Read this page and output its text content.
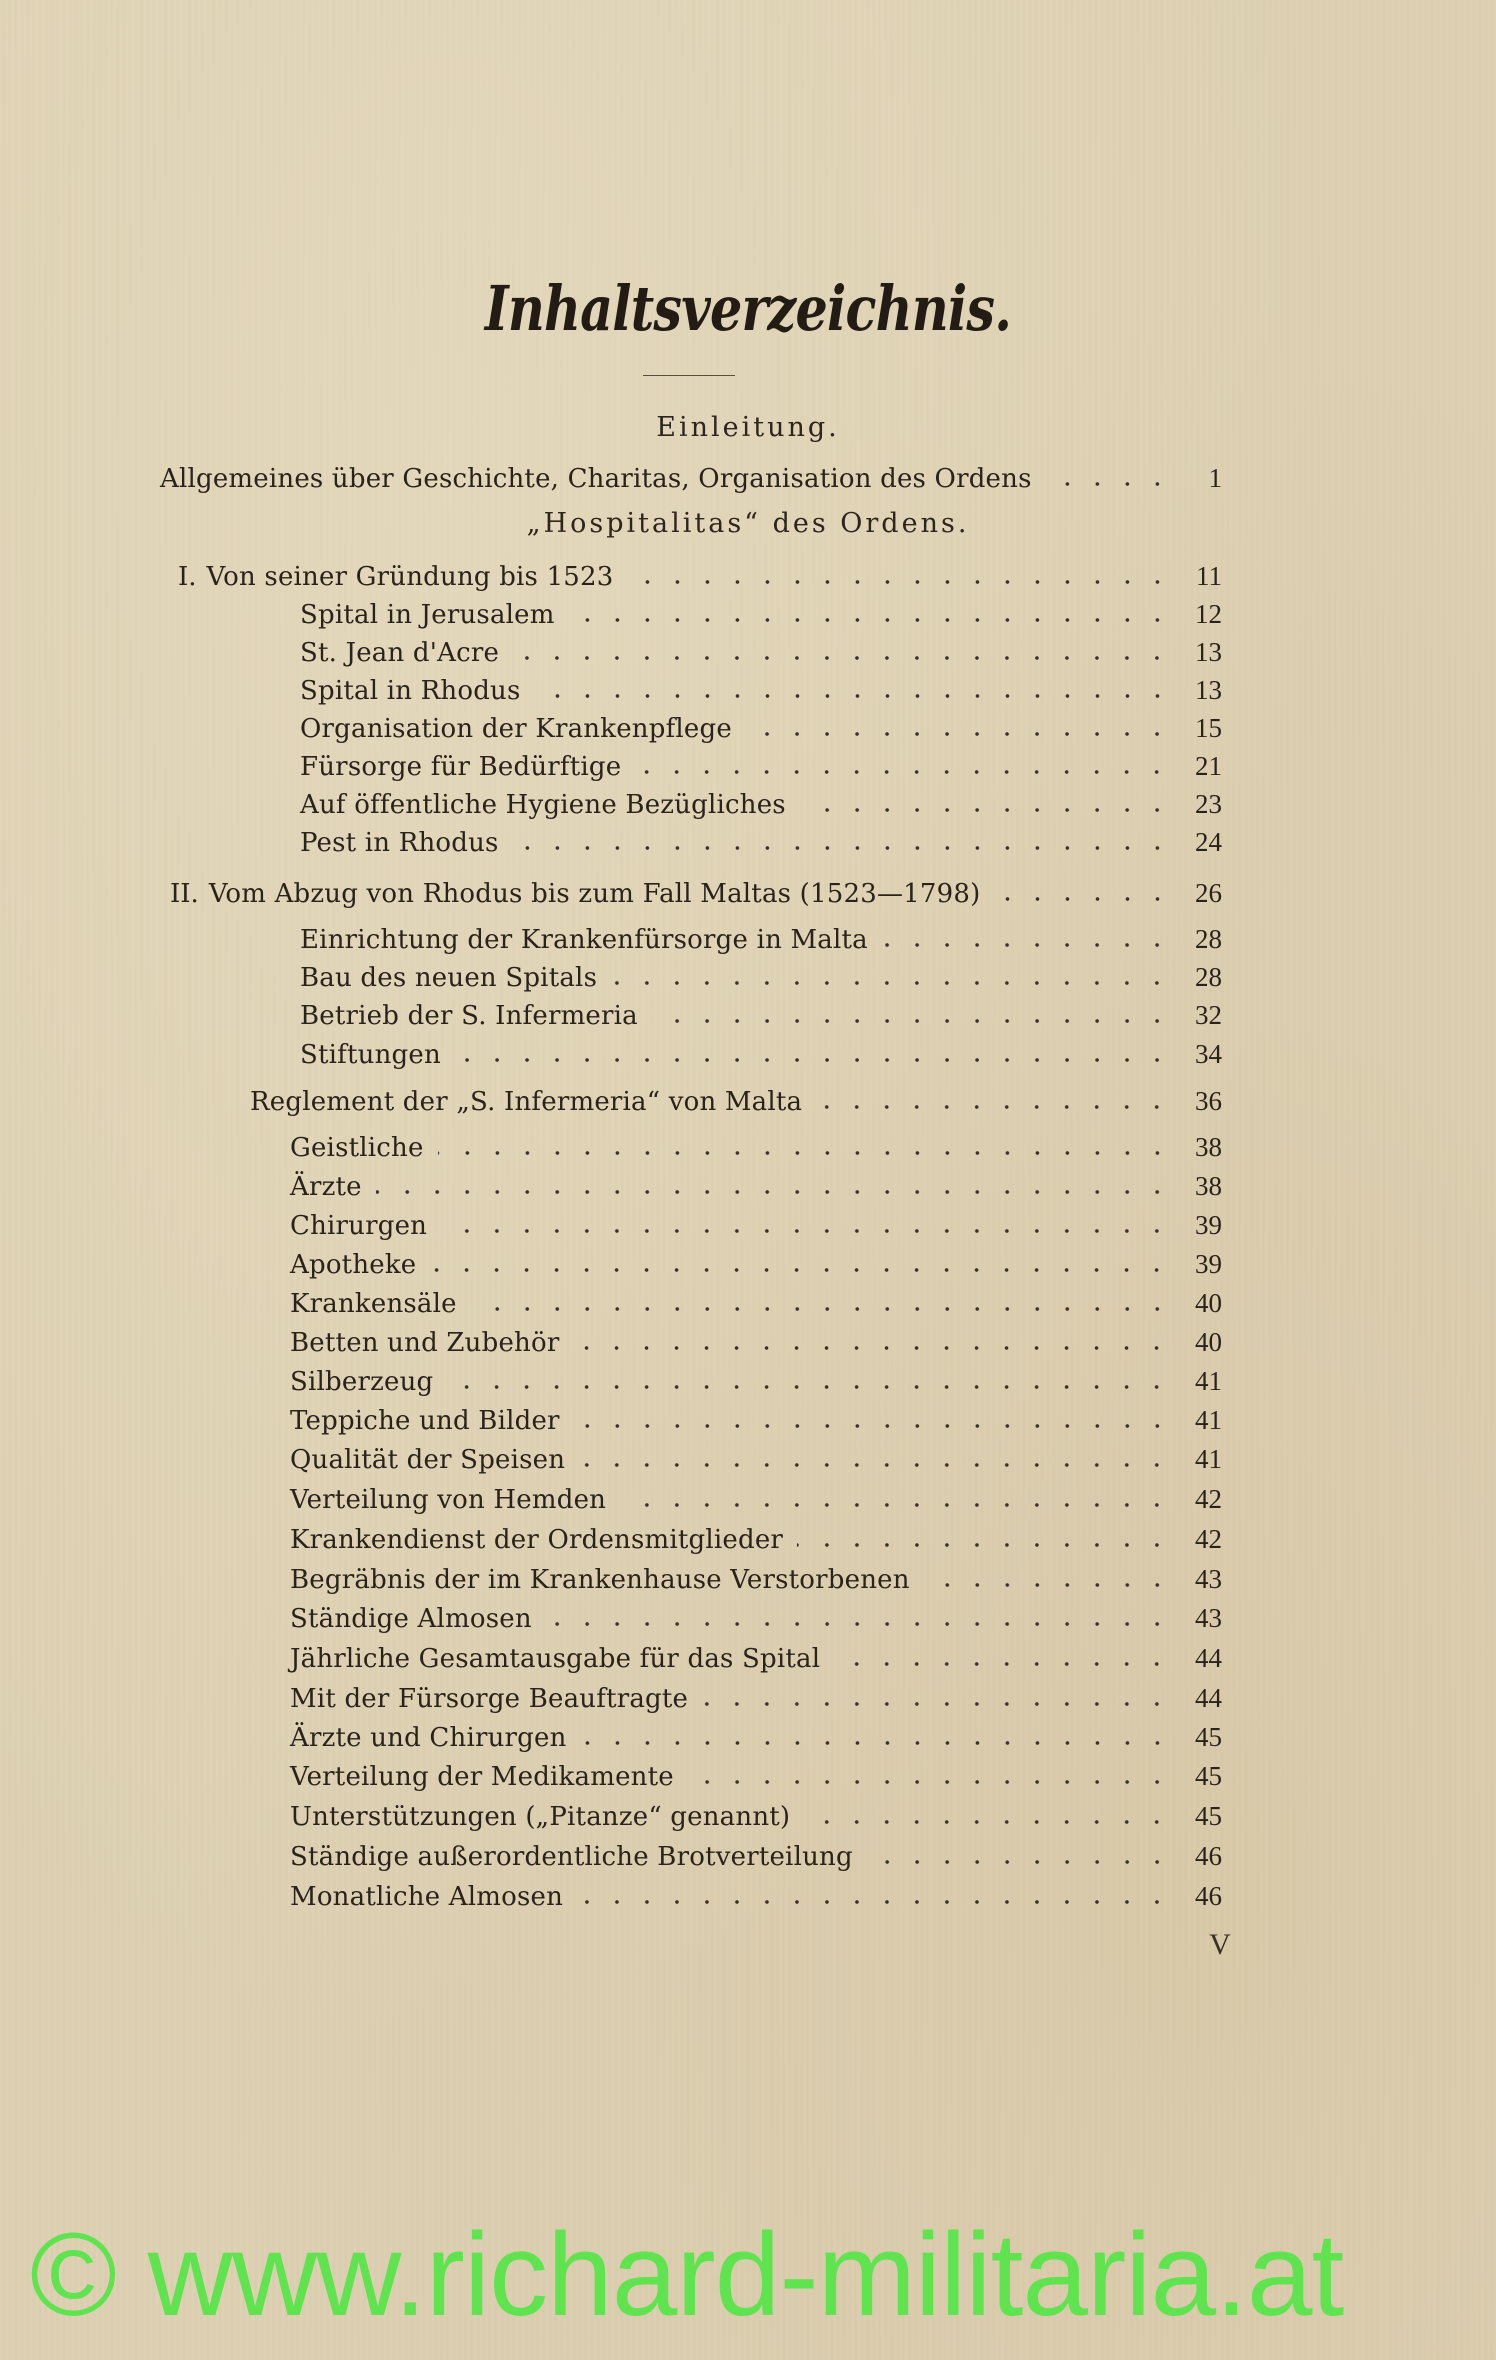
Inhaltsverzeichnis.
Einleitung.
Allgemeines über Geschichte, Charitas, Organisation des Ordens	1
„Hospitalitas“ des Ordens.
I. Von seiner Gründung bis 1523	11
Spital in Jerusalem	12
St. Jean d'Acre	13
Spital in Rhodus	13
Organisation der Krankenpflege	15
Fürsorge für Bedürftige	21
Auf öffentliche Hygiene Bezügliches	23
Pest in Rhodus	24
II. Vom Abzug von Rhodus bis zum Fall Maltas (1523—1798)	26
Einrichtung der Krankenfürsorge in Malta	28
Bau des neuen Spitals	28
Betrieb der S. Infermeria	32
Stiftungen	34
Reglement der „S. Infermeria“ von Malta	36
Geistliche	38
Ärzte	38
Chirurgen	39
Apotheke	39
Krankensäle	40
Betten und Zubehör	40
Silberzeug	41
Teppiche und Bilder	41
Qualität der Speisen	41
Verteilung von Hemden	42
Krankendienst der Ordensmitglieder	42
Begräbnis der im Krankenhause Verstorbenen	43
Ständige Almosen	43
Jährliche Gesamtausgabe für das Spital	44
Mit der Fürsorge Beauftragte	44
Ärzte und Chirurgen	45
Verteilung der Medikamente	45
Unterstützungen („Pitanze“ genannt)	45
Ständige außerordentliche Brotverteilung	46
Monatliche Almosen	46
V
© www.richard-militaria.at
